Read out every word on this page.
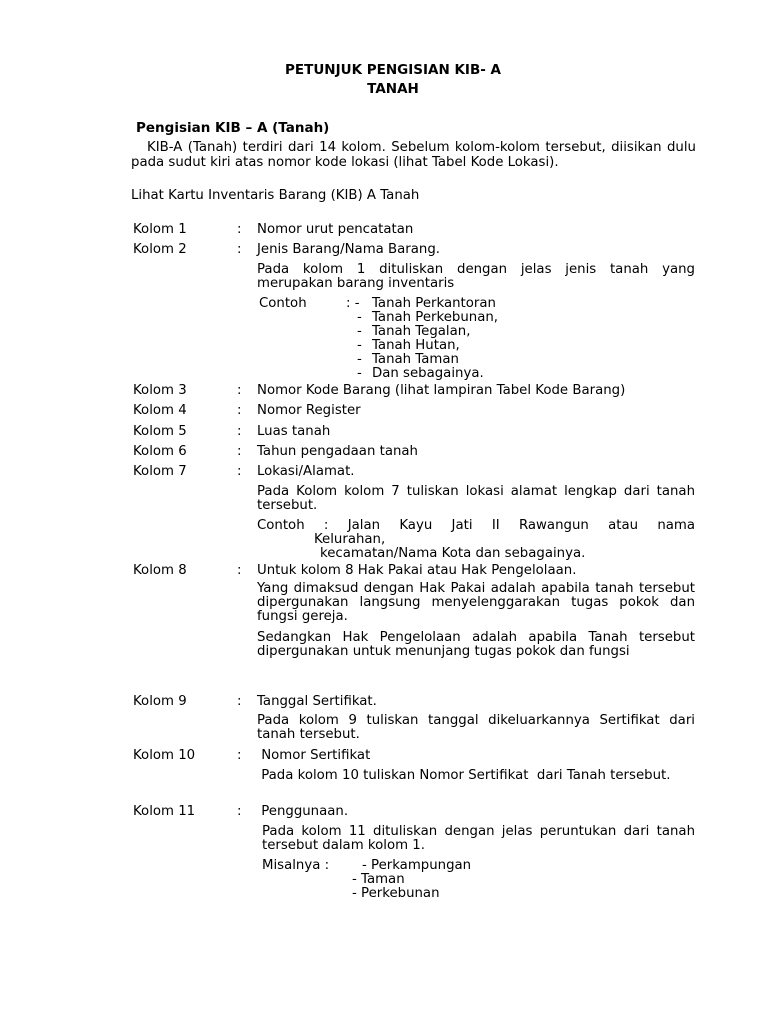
PETUNJUK PENGISIAN KIB- A
TANAH
Pengisian KIB – A (Tanah)
KIB-A (Tanah) terdiri dari 14 kolom. Sebelum kolom-kolom tersebut, diisikan dulu pada sudut kiri atas nomor kode lokasi (lihat Tabel Kode Lokasi).
Lihat Kartu Inventaris Barang (KIB) A Tanah
Kolom 1	: Nomor urut pencatatan
Kolom 2	: Jenis Barang/Nama Barang.
Pada kolom 1 dituliskan dengan jelas jenis tanah yang merupakan barang inventaris
Contoh	: - Tanah Perkantoran
- Tanah Perkebunan,
- Tanah Tegalan,
- Tanah Hutan,
- Tanah Taman
- Dan sebagainya.
Kolom 3	: Nomor Kode Barang (lihat lampiran Tabel Kode Barang)
Kolom 4	: Nomor Register
Kolom 5	: Luas tanah
Kolom 6	: Tahun pengadaan tanah
Kolom 7	: Lokasi/Alamat.
Pada Kolom kolom 7 tuliskan lokasi alamat lengkap dari tanah tersebut.
Contoh : Jalan Kayu Jati II Rawangun atau nama
Kelurahan,
kecamatan/Nama Kota dan sebagainya.
Kolom 8	: Untuk kolom 8 Hak Pakai atau Hak Pengelolaan.
Yang dimaksud dengan Hak Pakai adalah apabila tanah tersebut dipergunakan langsung menyelenggarakan tugas pokok dan fungsi gereja.
Sedangkan Hak Pengelolaan adalah apabila Tanah tersebut dipergunakan untuk menunjang tugas pokok dan fungsi
Kolom 9	: Tanggal Sertifikat.
Pada kolom 9 tuliskan tanggal dikeluarkannya Sertifikat dari tanah tersebut.
Kolom 10	: Nomor Sertifikat
Pada kolom 10 tuliskan Nomor Sertifikat  dari Tanah tersebut.
Kolom 11	: Penggunaan.
Pada kolom 11 dituliskan dengan jelas peruntukan dari tanah tersebut dalam kolom 1.
Misalnya : - Perkampungan
- Taman
- Perkebunan
